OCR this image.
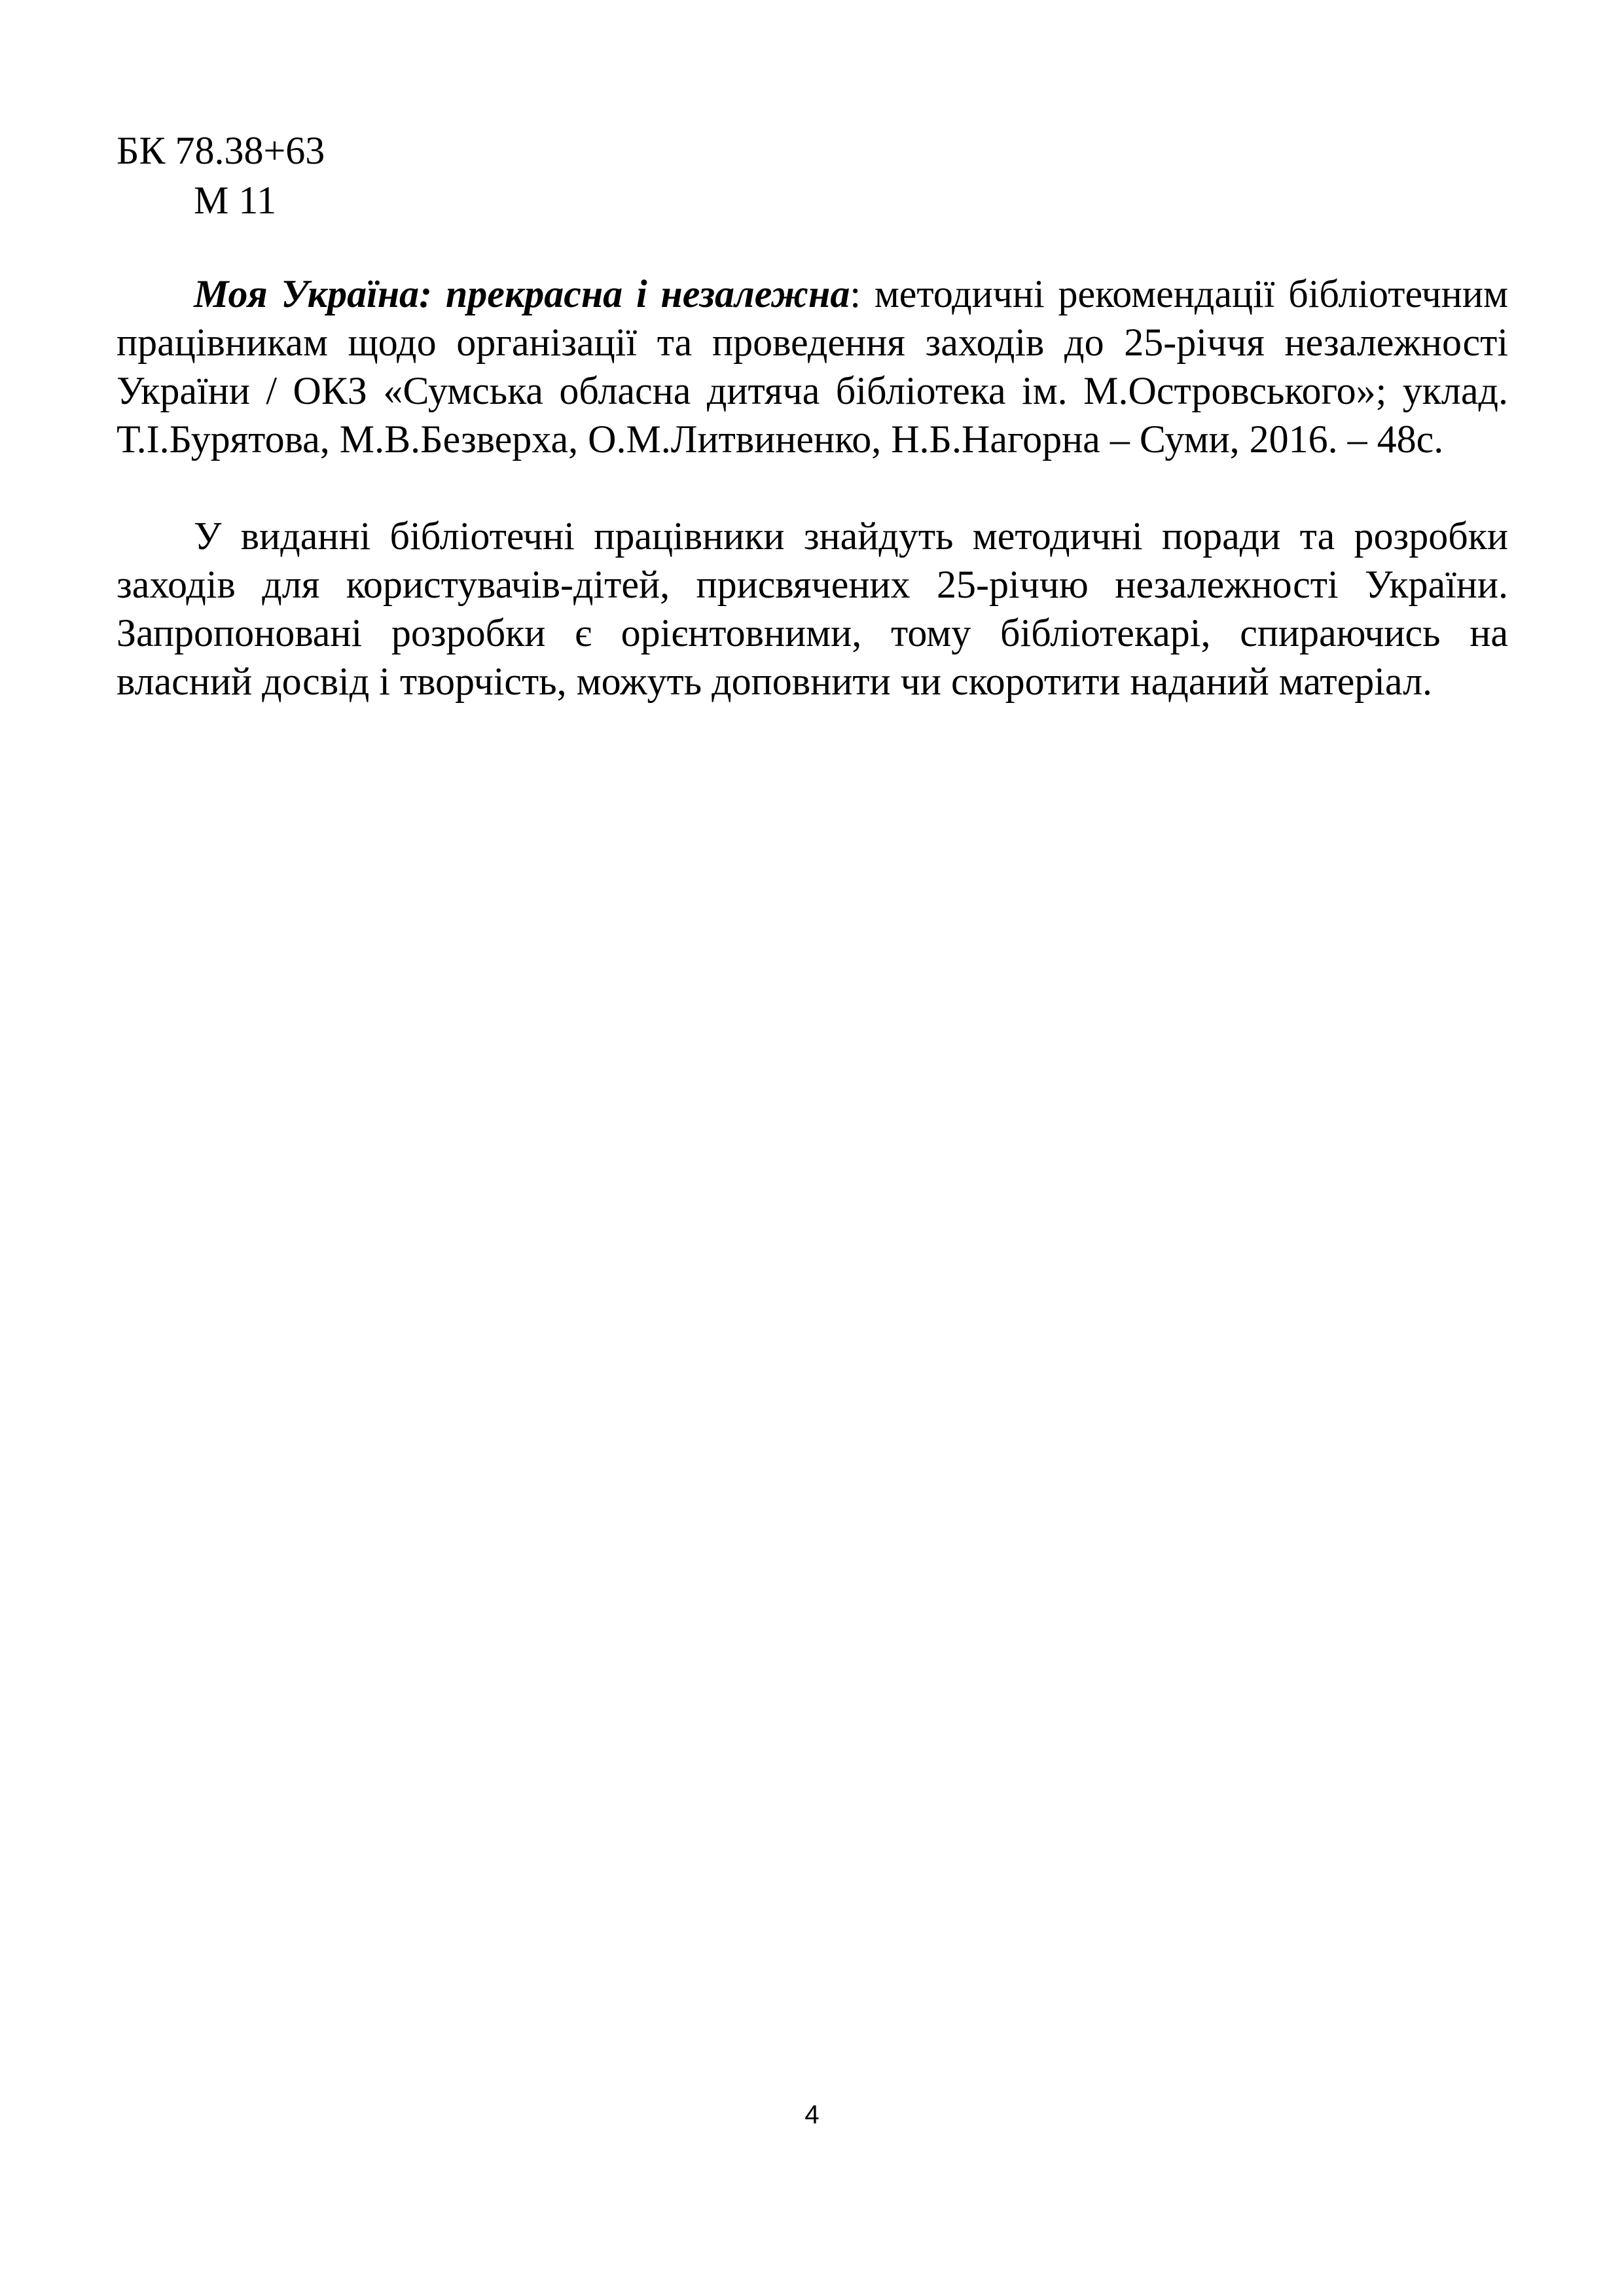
БК 78.38+63
М 11

Моя Україна: прекрасна і незалежна: методичні рекомендації бібліотечним працівникам щодо організації та проведення заходів до 25-річчя незалежності України / ОКЗ «Сумська обласна дитяча бібліотека ім. М.Островського»; уклад. Т.І.Бурятова, М.В.Безверха, О.М.Литвиненко, Н.Б.Нагорна – Суми, 2016. – 48с.

У виданні бібліотечні працівники знайдуть методичні поради та розробки заходів для користувачів-дітей, присвячених 25-річчю незалежності України. Запропоновані розробки є орієнтовними, тому бібліотекарі, спираючись на власний досвід і творчість, можуть доповнити чи скоротити наданий матеріал.

4
